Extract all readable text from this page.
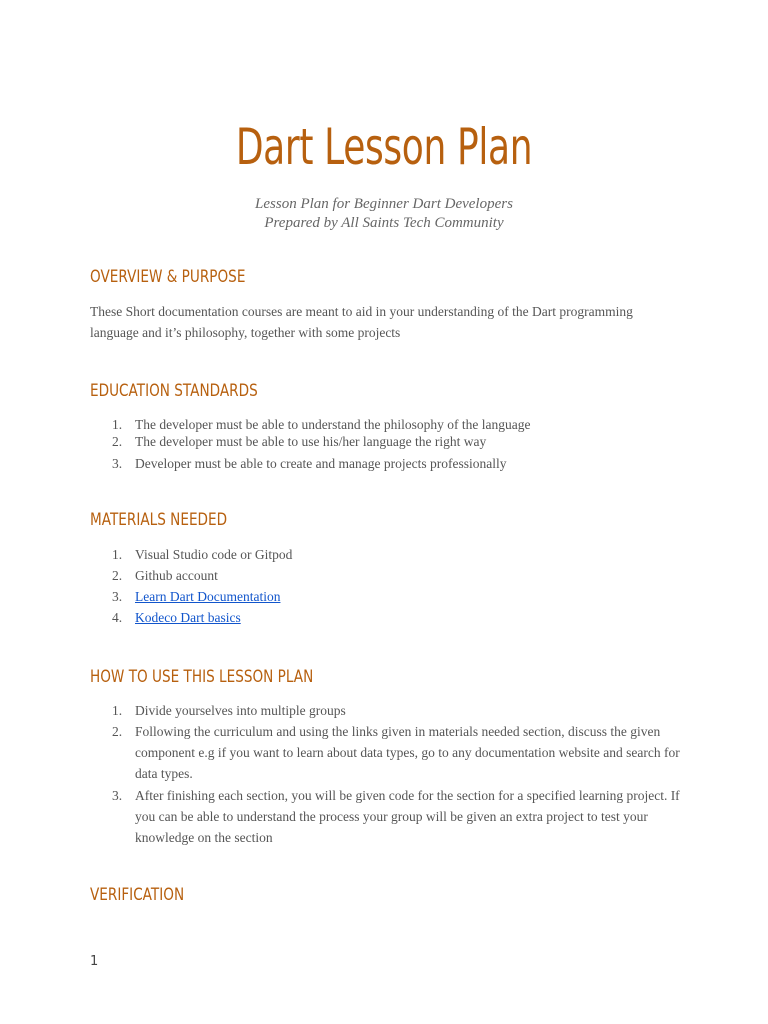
Dart Lesson Plan
Lesson Plan for Beginner Dart Developers
Prepared by All Saints Tech Community
OVERVIEW & PURPOSE
These Short documentation courses are meant to aid in your understanding of the Dart programming language and it’s philosophy, together with some projects
EDUCATION STANDARDS
1. The developer must be able to understand the philosophy of the language
2. The developer must be able to use his/her language the right way
3. Developer must be able to create and manage projects professionally
MATERIALS NEEDED
1. Visual Studio code or Gitpod
2. Github account
3. Learn Dart Documentation
4. Kodeco Dart basics
HOW TO USE THIS LESSON PLAN
1. Divide yourselves into multiple groups
2. Following the curriculum and using the links given in materials needed section, discuss the given component e.g if you want to learn about data types, go to any documentation website and search for data types.
3. After finishing each section, you will be given code for the section for a specified learning project. If you can be able to understand the process your group will be given an extra project to test your knowledge on the section
VERIFICATION
1
